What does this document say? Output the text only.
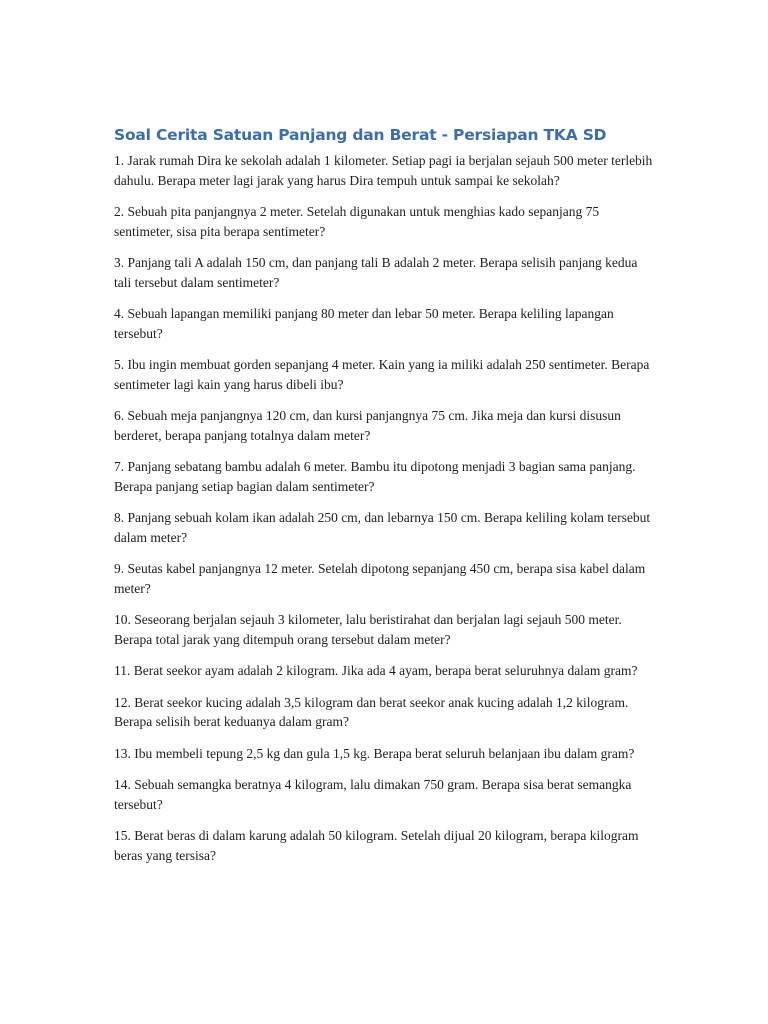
Soal Cerita Satuan Panjang dan Berat - Persiapan TKA SD
1. Jarak rumah Dira ke sekolah adalah 1 kilometer. Setiap pagi ia berjalan sejauh 500 meter terlebih dahulu. Berapa meter lagi jarak yang harus Dira tempuh untuk sampai ke sekolah?
2. Sebuah pita panjangnya 2 meter. Setelah digunakan untuk menghias kado sepanjang 75 sentimeter, sisa pita berapa sentimeter?
3. Panjang tali A adalah 150 cm, dan panjang tali B adalah 2 meter. Berapa selisih panjang kedua tali tersebut dalam sentimeter?
4. Sebuah lapangan memiliki panjang 80 meter dan lebar 50 meter. Berapa keliling lapangan tersebut?
5. Ibu ingin membuat gorden sepanjang 4 meter. Kain yang ia miliki adalah 250 sentimeter. Berapa sentimeter lagi kain yang harus dibeli ibu?
6. Sebuah meja panjangnya 120 cm, dan kursi panjangnya 75 cm. Jika meja dan kursi disusun berderet, berapa panjang totalnya dalam meter?
7. Panjang sebatang bambu adalah 6 meter. Bambu itu dipotong menjadi 3 bagian sama panjang. Berapa panjang setiap bagian dalam sentimeter?
8. Panjang sebuah kolam ikan adalah 250 cm, dan lebarnya 150 cm. Berapa keliling kolam tersebut dalam meter?
9. Seutas kabel panjangnya 12 meter. Setelah dipotong sepanjang 450 cm, berapa sisa kabel dalam meter?
10. Seseorang berjalan sejauh 3 kilometer, lalu beristirahat dan berjalan lagi sejauh 500 meter. Berapa total jarak yang ditempuh orang tersebut dalam meter?
11. Berat seekor ayam adalah 2 kilogram. Jika ada 4 ayam, berapa berat seluruhnya dalam gram?
12. Berat seekor kucing adalah 3,5 kilogram dan berat seekor anak kucing adalah 1,2 kilogram. Berapa selisih berat keduanya dalam gram?
13. Ibu membeli tepung 2,5 kg dan gula 1,5 kg. Berapa berat seluruh belanjaan ibu dalam gram?
14. Sebuah semangka beratnya 4 kilogram, lalu dimakan 750 gram. Berapa sisa berat semangka tersebut?
15. Berat beras di dalam karung adalah 50 kilogram. Setelah dijual 20 kilogram, berapa kilogram beras yang tersisa?
